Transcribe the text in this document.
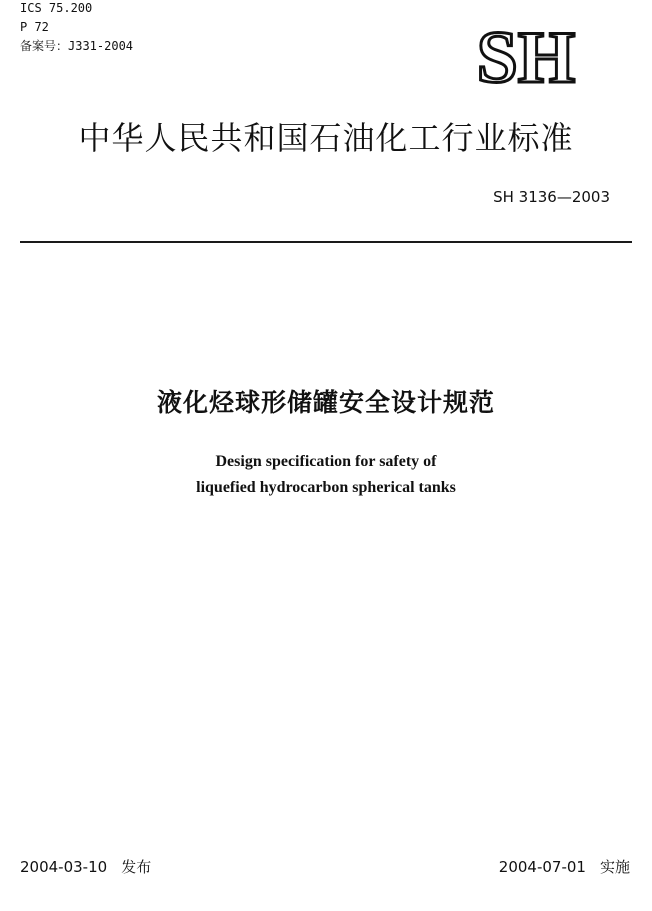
ICS 75.200
P 72
备案号：J331-2004	SH
中华人民共和国石油化工行业标准
SH 3136—2003
液化烃球形储罐安全设计规范
Design specification for safety of
liquefied hydrocarbon spherical tanks
2004-03-10 发布	2004-07-01 实施
